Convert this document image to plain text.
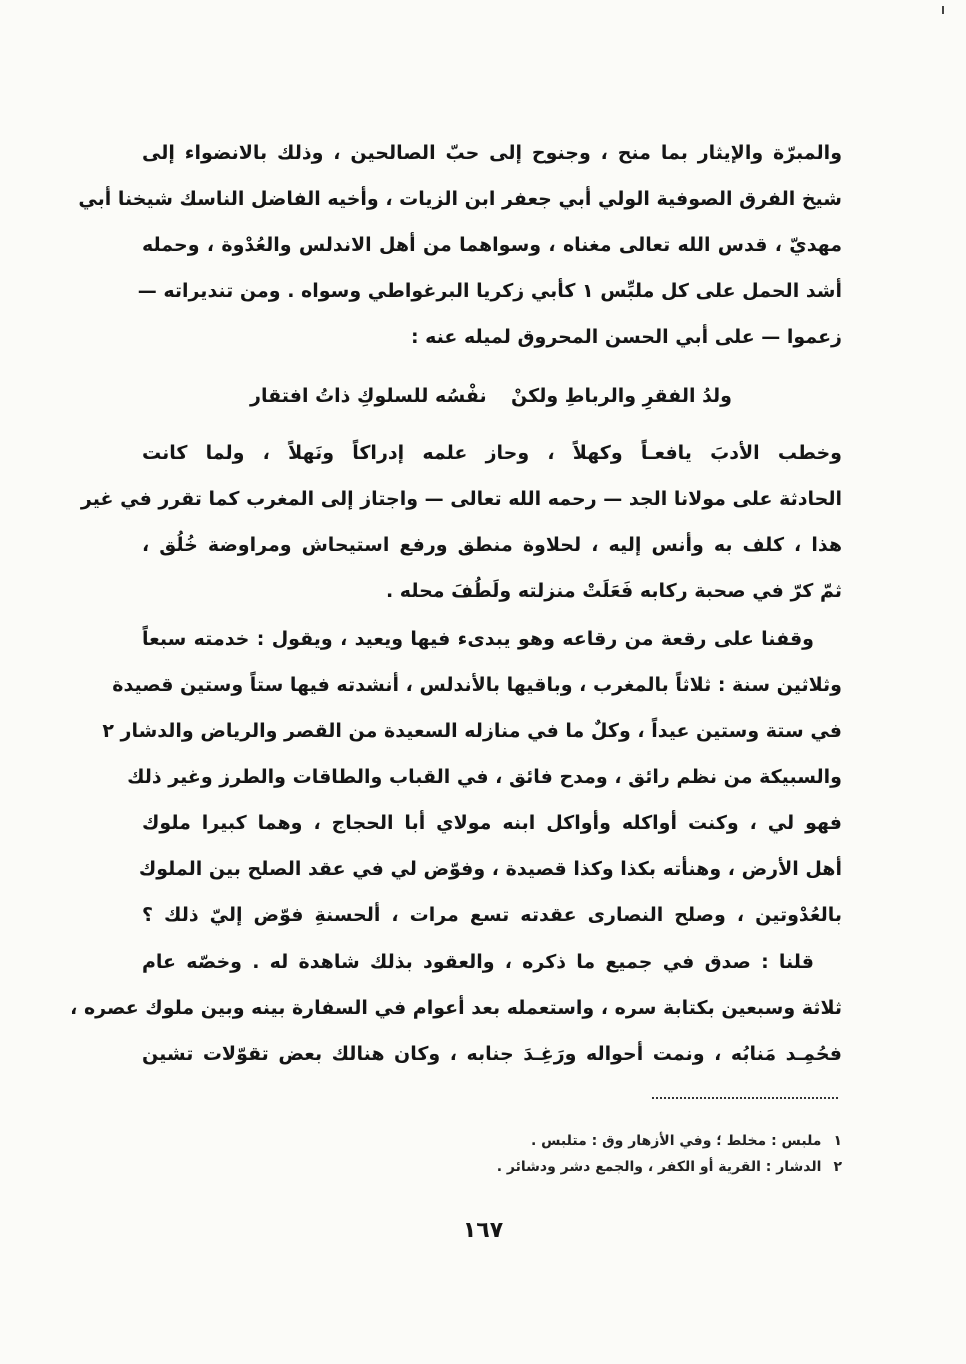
والمبرّة والإيثار بما منح ، وجنوح إلى حبّ الصالحين ، وذلك بالانضواء إلى
شيخ الفرق الصوفية الولي أبي جعفر ابن الزيات ، وأخيه الفاضل الناسك شيخنا أبي
مهديّ ، قدس الله تعالى مغناه ، وسواهما من أهل الاندلس والعُدْوة ، وحمله
أشد الحمل على كل ملبِّس ١ كأبي زكريا البرغواطي وسواه . ومن تنديراته —
زعموا — على أبي الحسن المحروق لميله عنه :
ولدُ الفقرِ والرباطِ ولكنْ
نفْسُه للسلوكِ ذاتُ افتقار
وخطب الأدبَ يافعـاً وكهلاً ، وحاز علمه إدراكاً ونَهلاً ، ولما كانت
الحادثة على مولانا الجد — رحمه الله تعالى — واجتاز إلى المغرب كما تقرر في غير
هذا ، كلف به وأنس إليه ، لحلاوة منطق ورفع استيحاش ومراوضة خُلُق ،
ثمّ كرّ في صحبة ركابه فَعَلَتْ منزلته ولَطُفَ محله .
وقفنا على رقعة من رقاعه وهو يبدىء فيها ويعيد ، ويقول : خدمته سبعاً
وثلاثين سنة : ثلاثاً بالمغرب ، وباقيها بالأندلس ، أنشدته فيها ستاً وستين قصيدة
في ستة وستين عيداً ، وكلٌ ما في منازله السعيدة من القصر والرياض والدشار ٢
والسبيكة من نظم رائق ، ومدح فائق ، في القباب والطاقات والطرز وغير ذلك
فهو لي ، وكنت أواكله وأواكل ابنه مولاي أبا الحجاج ، وهما كبيرا ملوك
أهل الأرض ، وهنأته بكذا وكذا قصيدة ، وفوّض لي في عقد الصلح بين الملوك
بالعُدْوتين ، وصلح النصارى عقدته تسع مرات ، ألحسنةِ فوّض إليّ ذلك ؟
قلنا : صدق في جميع ما ذكره ، والعقود بذلك شاهدة له . وخصّه عام
ثلاثة وسبعين بكتابة سره ، واستعمله بعد أعوام في السفارة بينه وبين ملوك عصره ،
فحُمِـد مَنابُه ، ونمت أحواله ورَغِـدَ جنابه ، وكان هنالك بعض تقوّلات تشين
١ملبس : مخلط ؛ وفي الأزهار وق : متلبس .
٢الدشار : القرية أو الكفر ، والجمع دشر ودشائر .
١٦٧
